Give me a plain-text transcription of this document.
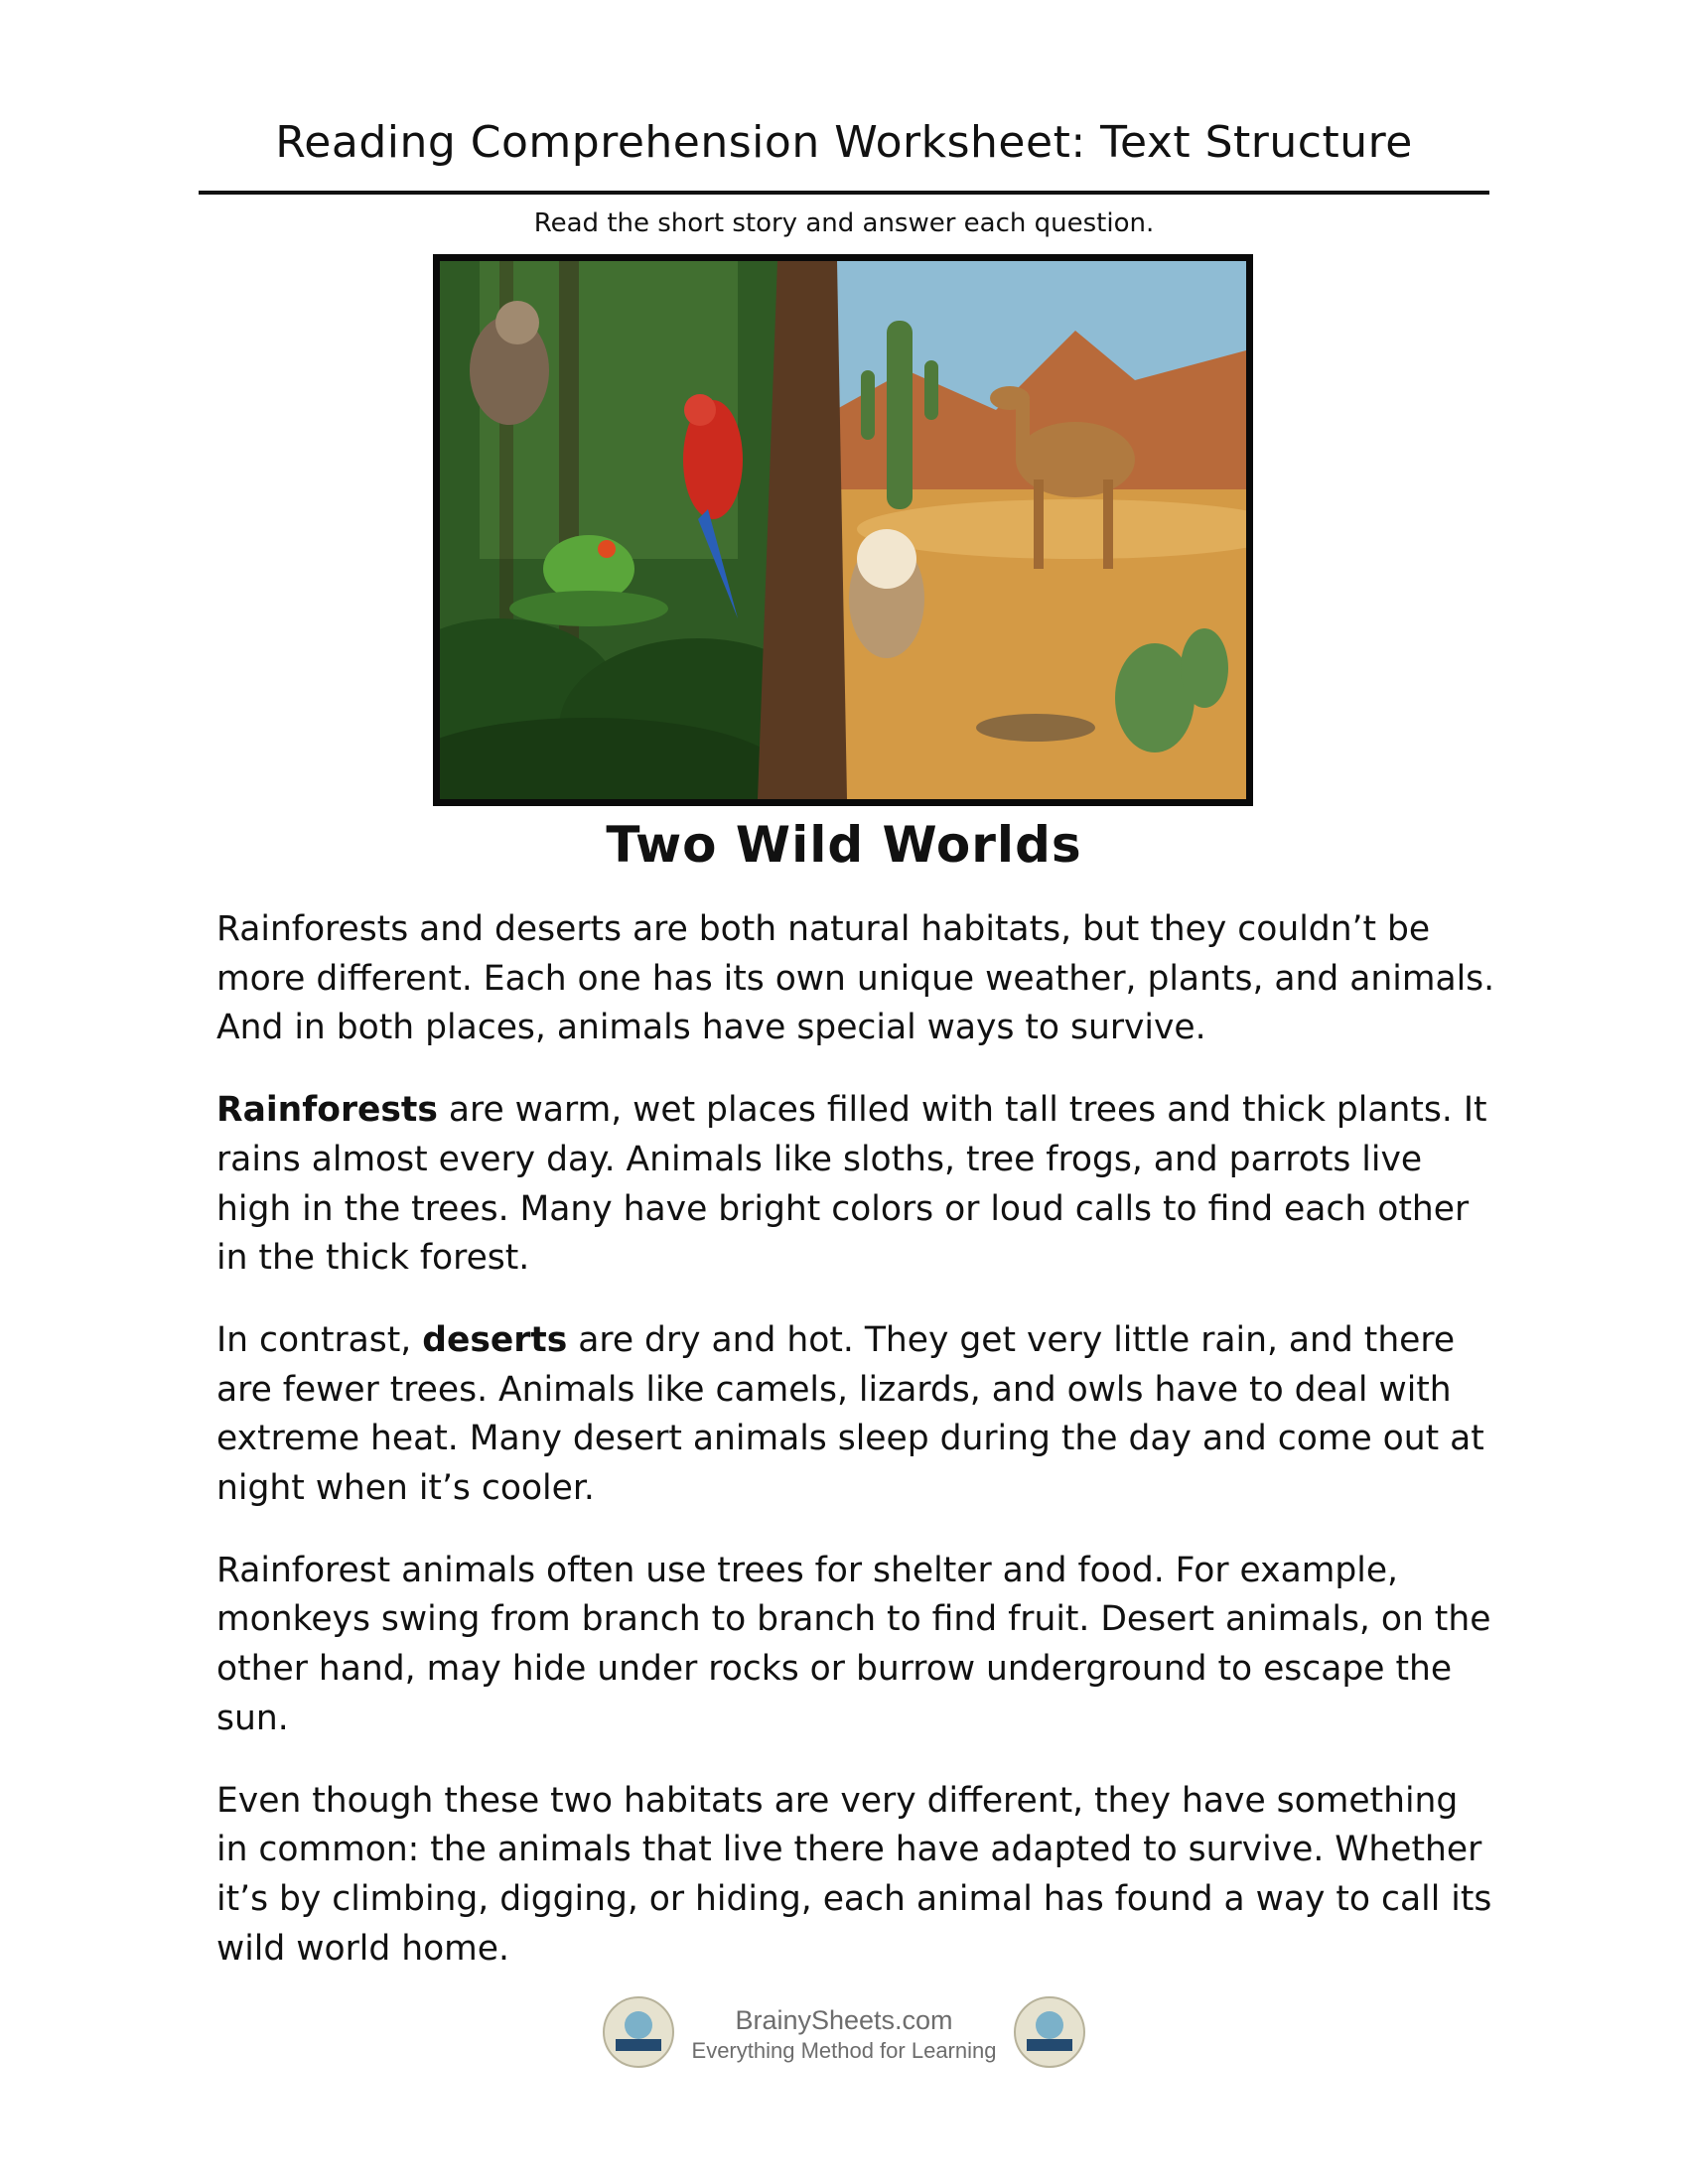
Reading Comprehension Worksheet: Text Structure
Read the short story and answer each question.
Two Wild Worlds

Rainforests and deserts are both natural habitats, but they couldn’t be more different. Each one has its own unique weather, plants, and animals. And in both places, animals have special ways to survive.

Rainforests are warm, wet places filled with tall trees and thick plants. It rains almost every day. Animals like sloths, tree frogs, and parrots live high in the trees. Many have bright colors or loud calls to find each other in the thick forest.

In contrast, deserts are dry and hot. They get very little rain, and there are fewer trees. Animals like camels, lizards, and owls have to deal with extreme heat. Many desert animals sleep during the day and come out at night when it’s cooler.

Rainforest animals often use trees for shelter and food. For example, monkeys swing from branch to branch to find fruit. Desert animals, on the other hand, may hide under rocks or burrow underground to escape the sun.

Even though these two habitats are very different, they have something in common: the animals that live there have adapted to survive. Whether it’s by climbing, digging, or hiding, each animal has found a way to call its wild world home.

BrainySheets.com
Everything Method for Learning
